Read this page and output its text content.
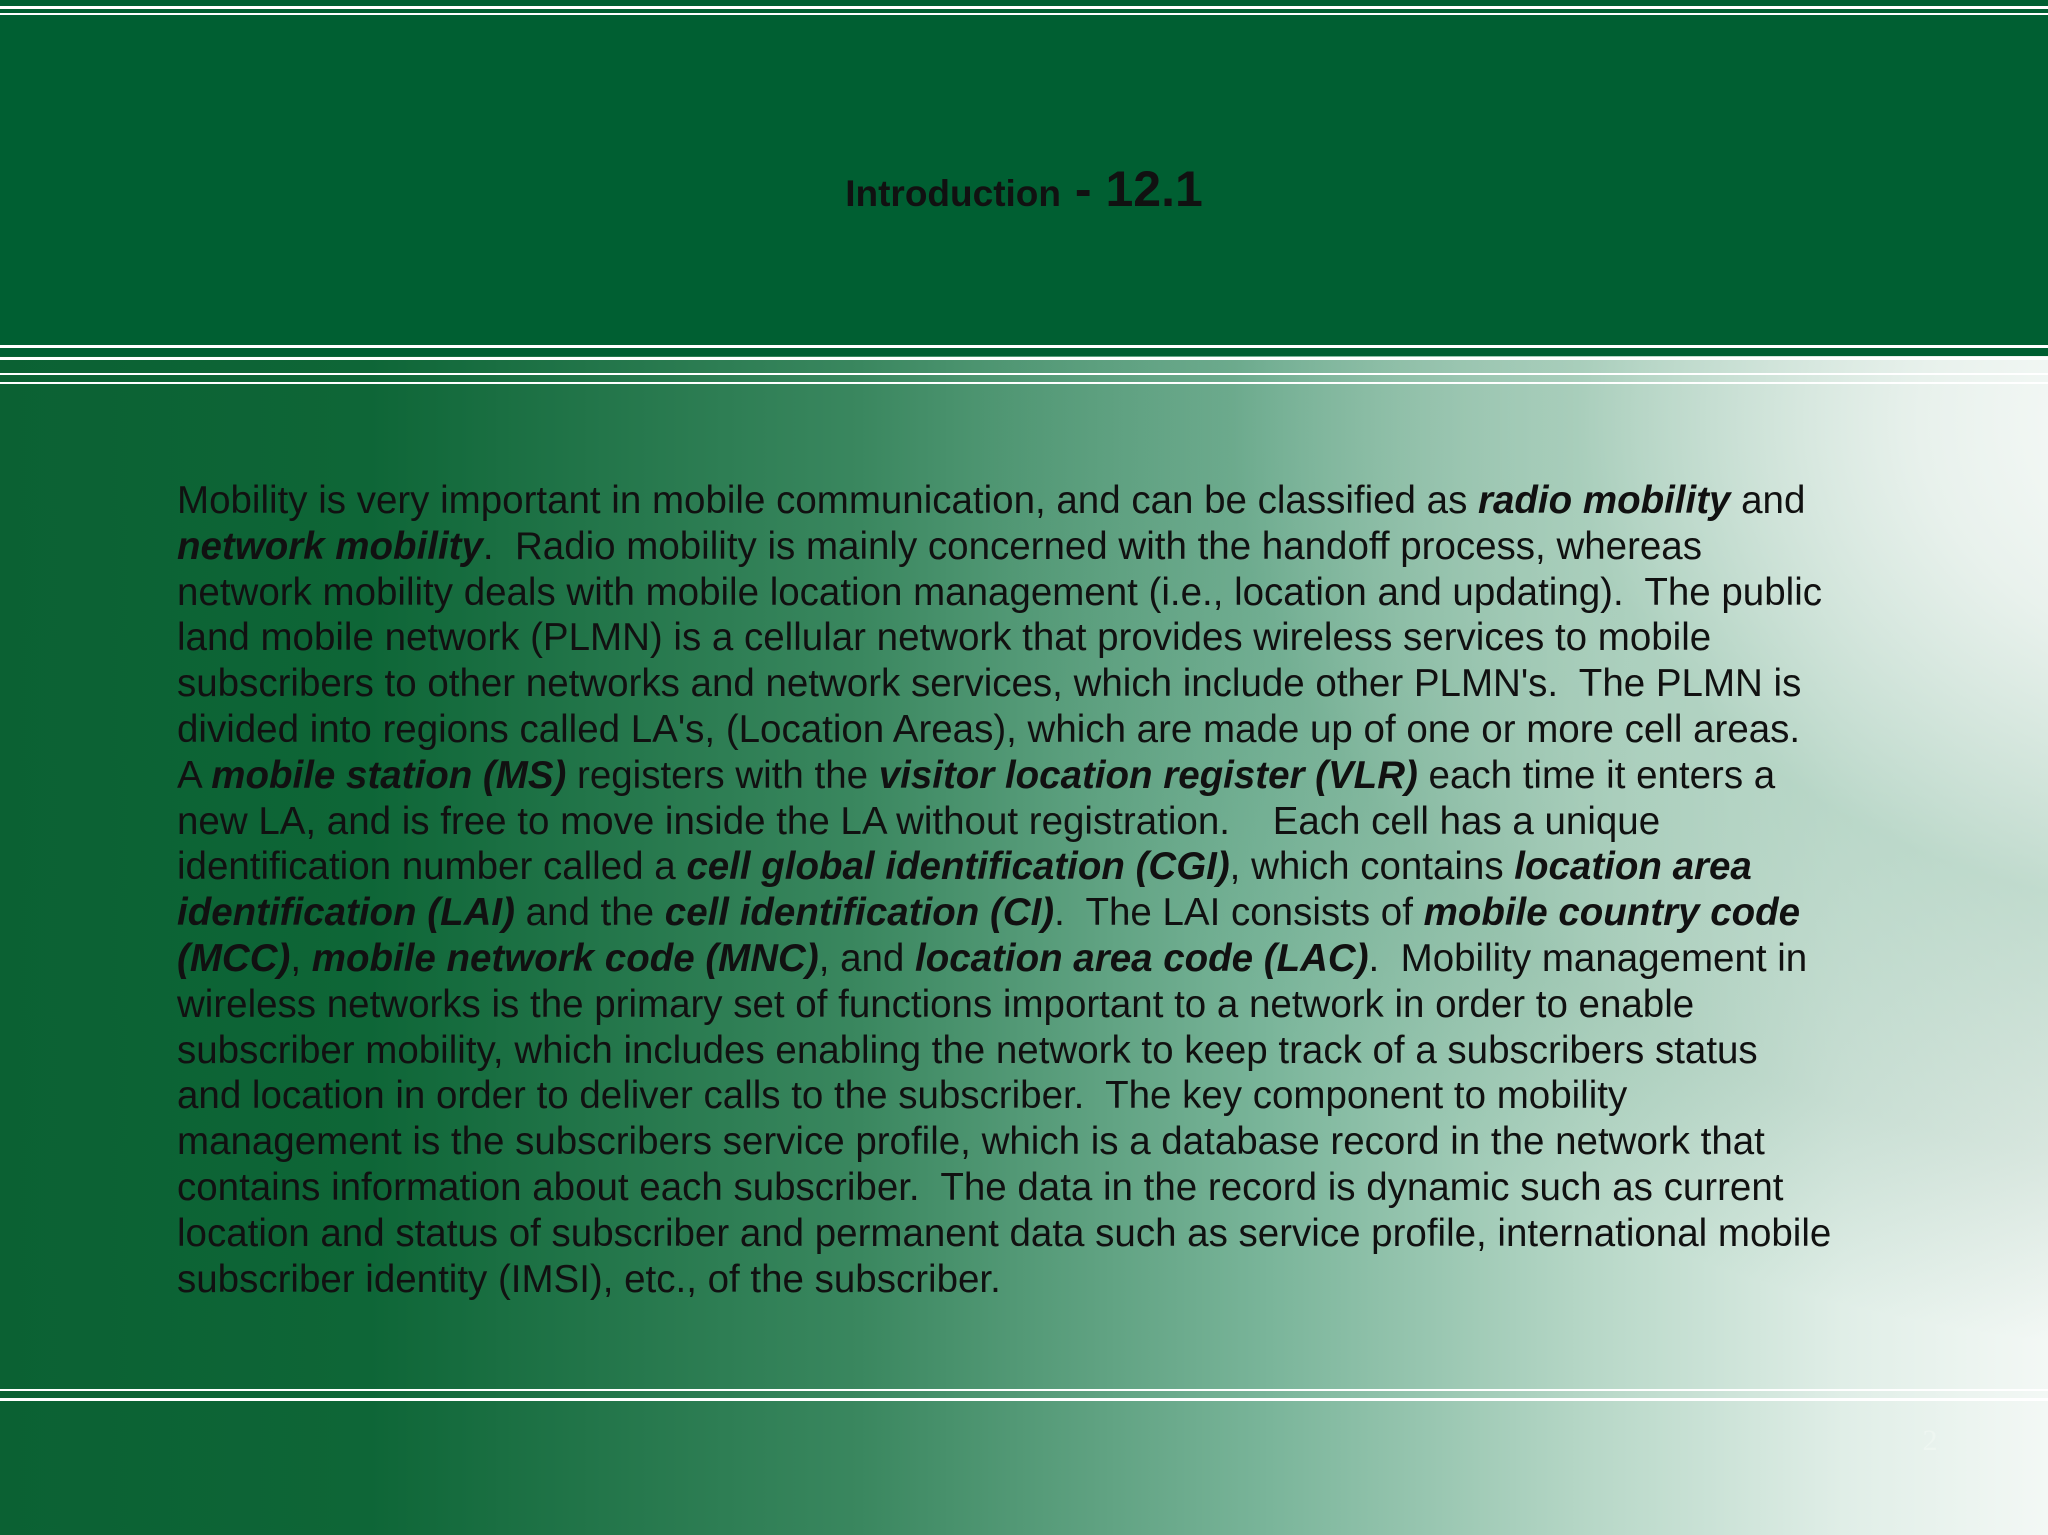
Introduction - 12.1
Mobility is very important in mobile communication, and can be classified as radio mobility and
network mobility.  Radio mobility is mainly concerned with the handoff process, whereas
network mobility deals with mobile location management (i.e., location and updating).  The public
land mobile network (PLMN) is a cellular network that provides wireless services to mobile
subscribers to other networks and network services, which include other PLMN's.  The PLMN is
divided into regions called LA's, (Location Areas), which are made up of one or more cell areas.
A mobile station (MS) registers with the visitor location register (VLR) each time it enters a
new LA, and is free to move inside the LA without registration.    Each cell has a unique
identification number called a cell global identification (CGI), which contains location area
identification (LAI) and the cell identification (CI).  The LAI consists of mobile country code
(MCC), mobile network code (MNC), and location area code (LAC).  Mobility management in
wireless networks is the primary set of functions important to a network in order to enable
subscriber mobility, which includes enabling the network to keep track of a subscribers status
and location in order to deliver calls to the subscriber.  The key component to mobility
management is the subscribers service profile, which is a database record in the network that
contains information about each subscriber.  The data in the record is dynamic such as current
location and status of subscriber and permanent data such as service profile, international mobile
subscriber identity (IMSI), etc., of the subscriber.
2
